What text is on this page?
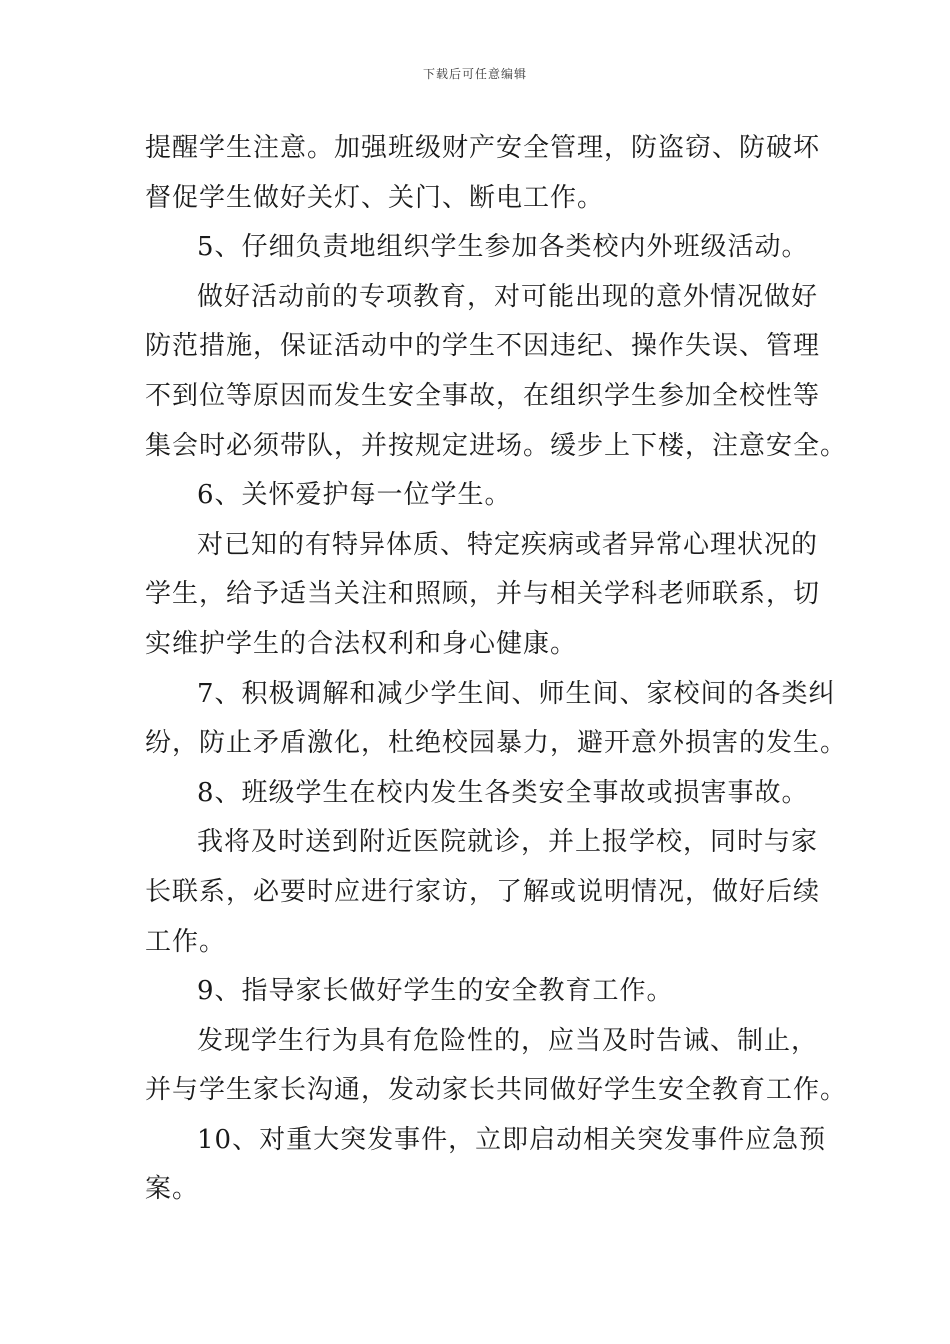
下载后可任意编辑

提醒学生注意。加强班级财产安全管理，防盗窃、防破坏

督促学生做好关灯、关门、断电工作。

5、仔细负责地组织学生参加各类校内外班级活动。

做好活动前的专项教育，对可能出现的意外情况做好

防范措施，保证活动中的学生不因违纪、操作失误、管理

不到位等原因而发生安全事故，在组织学生参加全校性等

集会时必须带队，并按规定进场。缓步上下楼，注意安全。

6、关怀爱护每一位学生。

对已知的有特异体质、特定疾病或者异常心理状况的

学生，给予适当关注和照顾，并与相关学科老师联系，切

实维护学生的合法权利和身心健康。

7、积极调解和减少学生间、师生间、家校间的各类纠

纷，防止矛盾激化，杜绝校园暴力，避开意外损害的发生。

8、班级学生在校内发生各类安全事故或损害事故。

我将及时送到附近医院就诊，并上报学校，同时与家

长联系，必要时应进行家访，了解或说明情况，做好后续

工作。

9、指导家长做好学生的安全教育工作。

发现学生行为具有危险性的，应当及时告诫、制止，

并与学生家长沟通，发动家长共同做好学生安全教育工作。

10、对重大突发事件，立即启动相关突发事件应急预

案。
